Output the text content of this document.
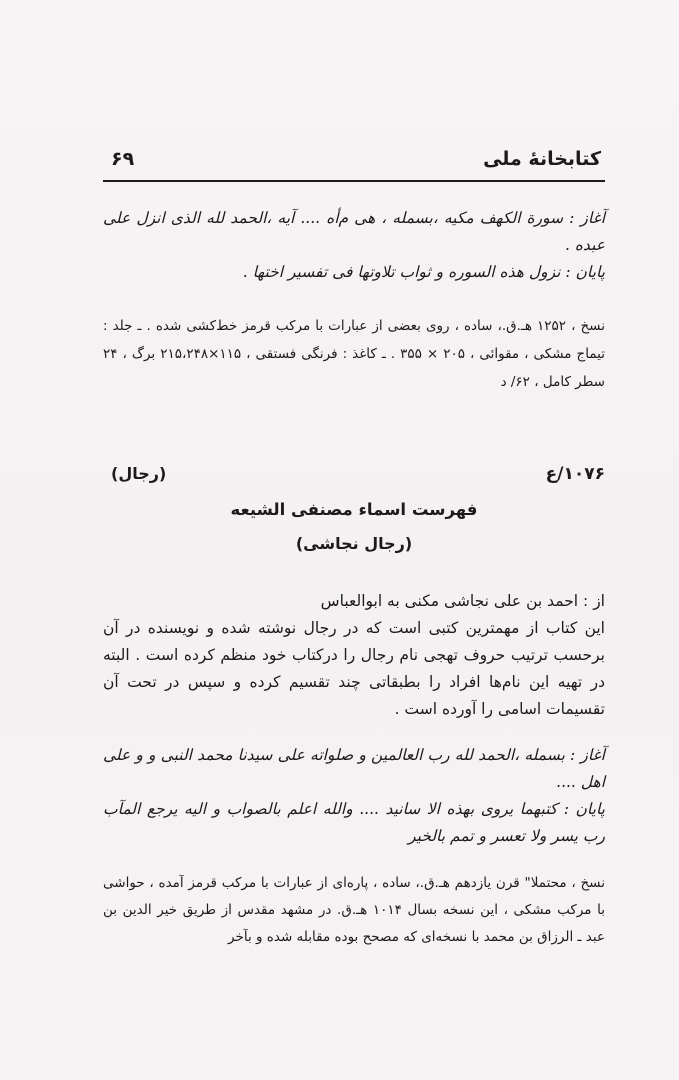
کتابخانهٔ ملی
۶۹

آغاز : سورة الکهف مکیه ،بسمله ، هی م‌أه .... آیه ،الحمد لله الذی انزل علی عبده .

پایان : نزول هذه السوره و ثواب تلاوتها فی تفسیر اختها .

نسخ ، ۱۲۵۲ هـ.ق.، ساده ، روی بعضی از عبارات با مرکب قرمز خط‌کشی شده . ـ جلد : تیماج مشکی ، مقوائی ، ۲۰۵ × ۳۵۵ . ـ کاغذ : فرنگی فستقی ، ۱۱۵×۲۱۵،۲۴۸ برگ ، ۲۴ سطر کامل ، ۶۲/ د

۱۰۷۶/ع
(رجال)
فهرست اسماء مصنفی الشیعه
(رجال نجاشی)

از : احمد بن علی نجاشی مکنی به ابوالعباس

این کتاب از مهمترین کتبی است که در رجال نوشته شده و نویسنده در آن برحسب ترتیب حروف تهجی نام رجال را درکتاب خود منظم کرده است . البته در تهیه این نام‌ها افراد را بطبقاتی چند تقسیم کرده و سپس در تحت آن تقسیمات اسامی را آورده است .

آغاز : بسمله ،الحمد لله رب العالمین و صلواته علی سیدنا محمد النبی و و علی اهل ....

پایان : کتبهما یروی بهذه الا سانید .... والله اعلم بالصواب و الیه یرجع المآب رب یسر ولا تعسر و تمم بالخیر

نسخ ، محتملا" قرن یازدهم هـ.ق.، ساده ، پاره‌ای از عبارات با مرکب قرمز آمده ، حواشی با مرکب مشکی ، این نسخه بسال ۱۰۱۴ هـ.ق. در مشهد مقدس از طریق خیر الدین بن عبد ـ الرزاق بن محمد با نسخه‌ای که مصحح بوده مقابله شده و بآخر
